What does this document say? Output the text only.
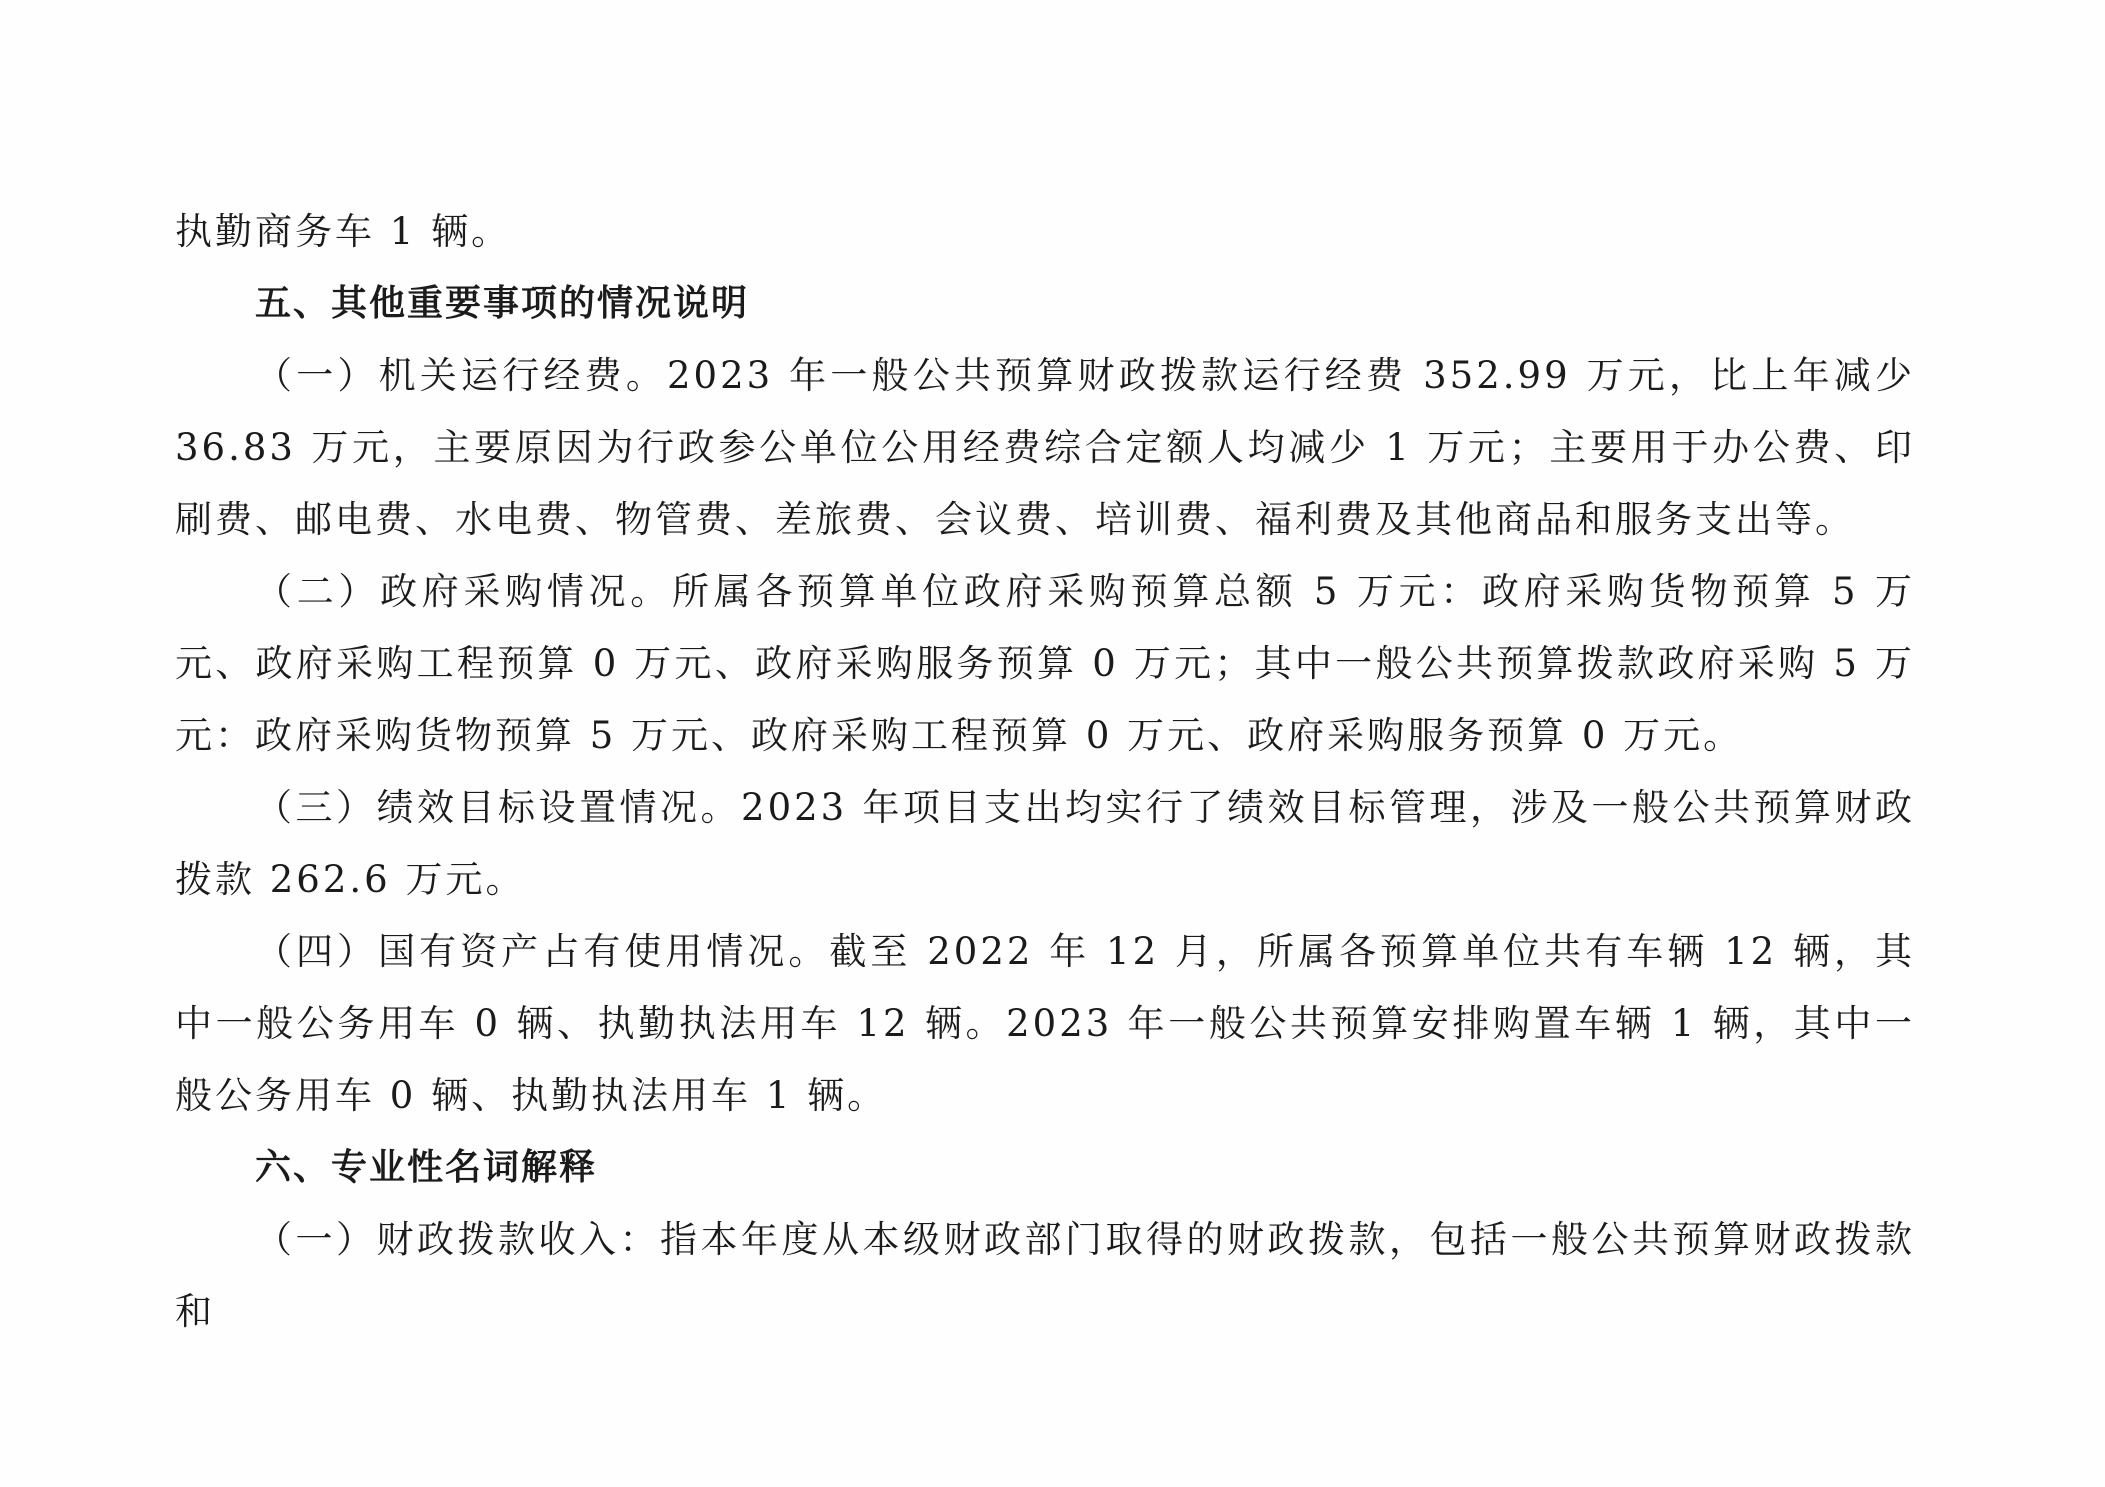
执勤商务车 1 辆。

五、其他重要事项的情况说明

（一）机关运行经费。2023 年一般公共预算财政拨款运行经费 352.99 万元，比上年减少 36.83 万元，主要原因为行政参公单位公用经费综合定额人均减少 1 万元；主要用于办公费、印刷费、邮电费、水电费、物管费、差旅费、会议费、培训费、福利费及其他商品和服务支出等。

（二）政府采购情况。所属各预算单位政府采购预算总额 5 万元：政府采购货物预算 5 万元、政府采购工程预算 0 万元、政府采购服务预算 0 万元；其中一般公共预算拨款政府采购 5 万元：政府采购货物预算 5 万元、政府采购工程预算 0 万元、政府采购服务预算 0 万元。

（三）绩效目标设置情况。2023 年项目支出均实行了绩效目标管理，涉及一般公共预算财政拨款 262.6 万元。

（四）国有资产占有使用情况。截至 2022 年 12 月，所属各预算单位共有车辆 12 辆，其中一般公务用车 0 辆、执勤执法用车 12 辆。2023 年一般公共预算安排购置车辆 1 辆，其中一般公务用车 0 辆、执勤执法用车 1 辆。

六、专业性名词解释

（一）财政拨款收入：指本年度从本级财政部门取得的财政拨款，包括一般公共预算财政拨款和
